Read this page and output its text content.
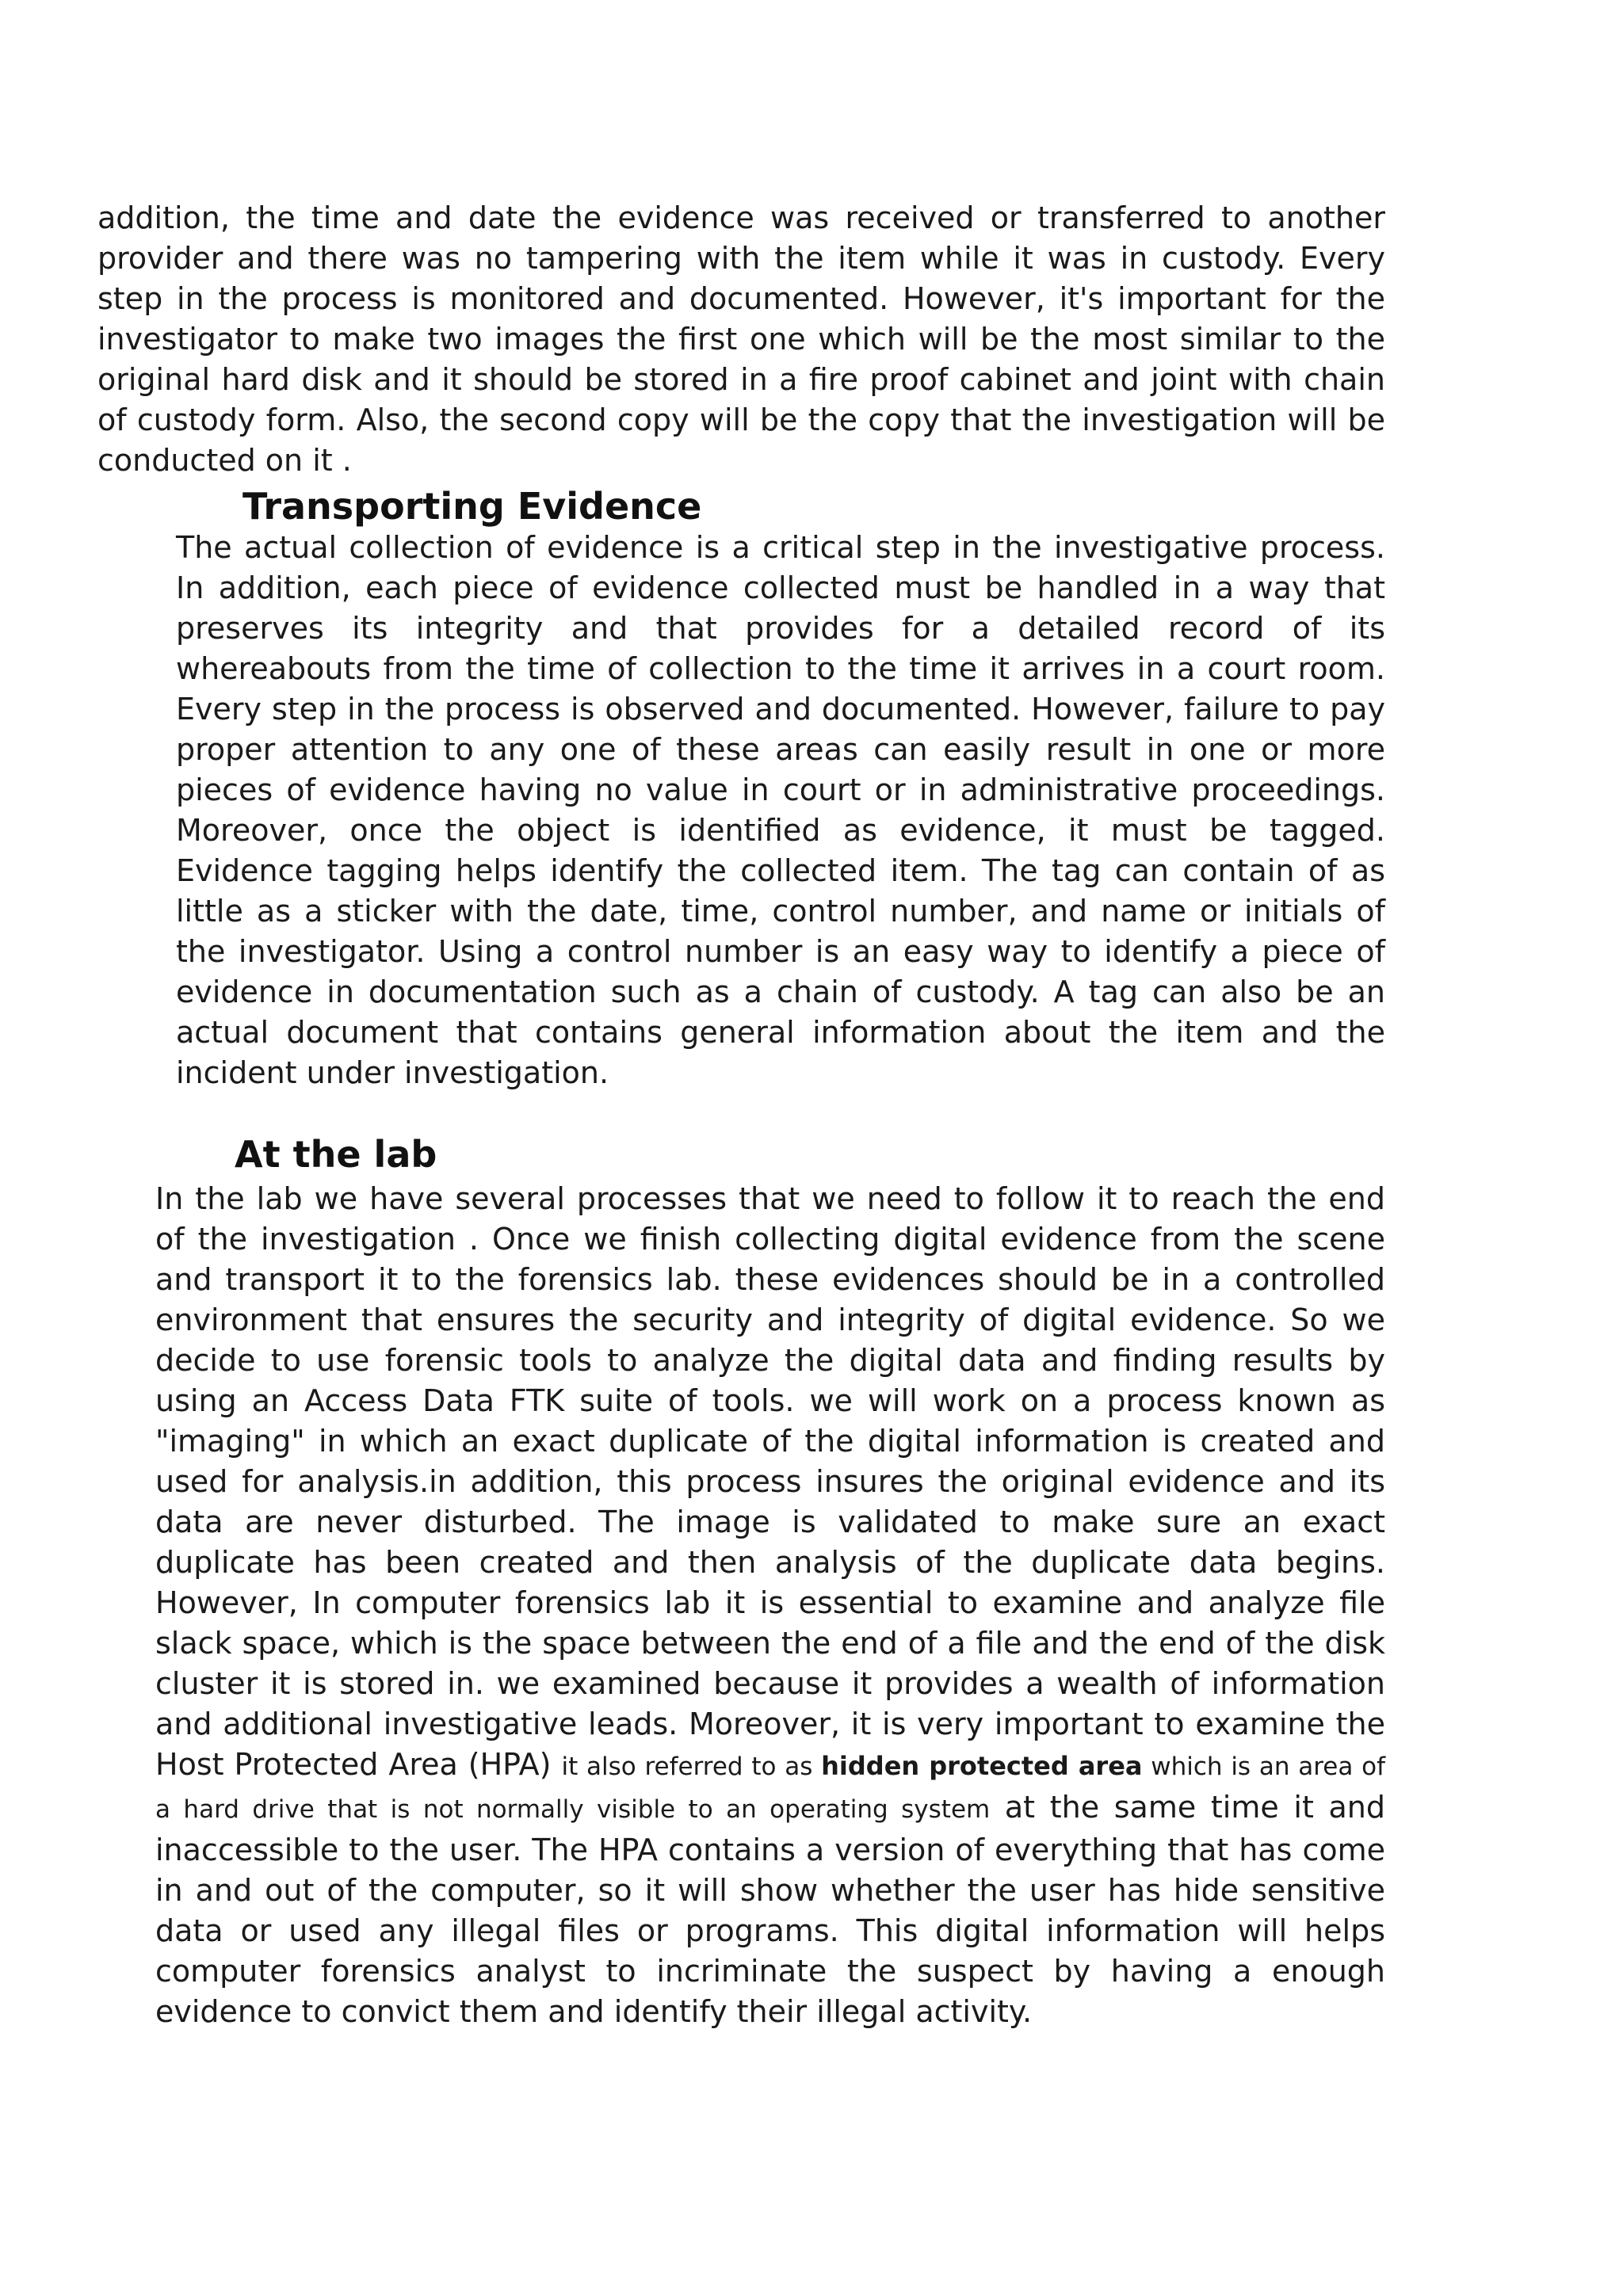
addition, the time and date the evidence was received or transferred to another provider and there was no tampering with the item while it was in custody. Every step in the process is monitored and documented. However, it's important for the investigator to make two images the first one which will be the most similar to the original hard disk and it should be stored in a fire proof cabinet and joint with chain of custody form. Also, the second copy will be the copy that the investigation will be conducted on it .

Transporting Evidence

The actual collection of evidence is a critical step in the investigative process. In addition, each piece of evidence collected must be handled in a way that preserves its integrity and that provides for a detailed record of its whereabouts from the time of collection to the time it arrives in a court room. Every step in the process is observed and documented. However, failure to pay proper attention to any one of these areas can easily result in one or more pieces of evidence having no value in court or in administrative proceedings. Moreover, once the object is identified as evidence, it must be tagged. Evidence tagging helps identify the collected item. The tag can contain of as little as a sticker with the date, time, control number, and name or initials of the investigator. Using a control number is an easy way to identify a piece of evidence in documentation such as a chain of custody. A tag can also be an actual document that contains general information about the item and the incident under investigation.

At the lab

In the lab we have several processes that we need to follow it to reach the end of the investigation . Once we finish collecting digital evidence from the scene and transport it to the forensics lab. these evidences should be in a controlled environment that ensures the security and integrity of digital evidence. So we decide to use forensic tools to analyze the digital data and finding results by using an Access Data FTK suite of tools. we will work on a process known as "imaging" in which an exact duplicate of the digital information is created and used for analysis.in addition, this process insures the original evidence and its data are never disturbed. The image is validated to make sure an exact duplicate has been created and then analysis of the duplicate data begins. However, In computer forensics lab it is essential to examine and analyze file slack space, which is the space between the end of a file and the end of the disk cluster it is stored in. we examined because it provides a wealth of information and additional investigative leads. Moreover, it is very important to examine the Host Protected Area (HPA) it also referred to as hidden protected area which is an area of a hard drive that is not normally visible to an operating system at the same time it and inaccessible to the user. The HPA contains a version of everything that has come in and out of the computer, so it will show whether the user has hide sensitive data or used any illegal files or programs. This digital information will helps computer forensics analyst to incriminate the suspect by having a enough evidence to convict them and identify their illegal activity.
